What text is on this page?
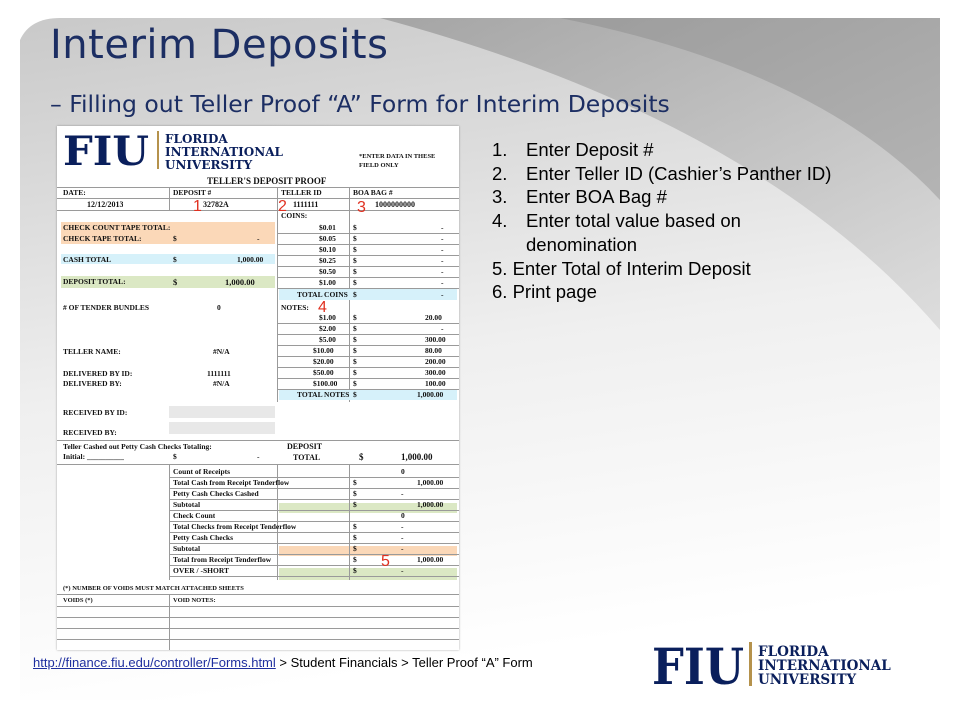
Interim Deposits
– Filling out Teller Proof “A” Form for Interim Deposits
FIU FLORIDA
INTERNATIONAL
UNIVERSITY
*ENTER DATA IN THESE FIELD ONLY
TELLER'S DEPOSIT PROOF
DATE:	DEPOSIT #	TELLER ID	BOA BAG #
12/12/2013	32782A	1111111	1000000000
CHECK COUNT TAPE TOTAL:
CHECK TAPE TOTAL:	$	-
CASH TOTAL	$	1,000.00
DEPOSIT TOTAL:	$	1,000.00
# OF TENDER BUNDLES	0
TELLER NAME:	#N/A
DELIVERED BY ID:	1111111
DELIVERED BY:	#N/A
RECEIVED BY ID:
RECEIVED BY:
COINS:
TOTAL COINS $	-
NOTES:
TOTAL NOTES $	1,000.00
Teller Cashed out Petty Cash Checks Totaling:
Initial: __________	$	-
DEPOSIT
TOTAL	$	1,000.00
(*) NUMBER OF VOIDS MUST MATCH ATTACHED SHEETS
VOIDS (*)	VOID NOTES:
$0.01 $	-
$0.05 $	-
$0.10 $	-
$0.25 $	-
$0.50 $	-
$1.00 $	-
$1.00 $	20.00
$2.00 $	-
$5.00 $	300.00
$10.00	$	80.00
$20.00	$	200.00
$50.00	$	300.00
$100.00 $	100.00
Count of Receipts	0
Total Cash from Receipt Tenderflow	$	1,000.00
Petty Cash Checks Cashed	$	-
Subtotal	$	1,000.00
Check Count	0
Total Checks from Receipt Tenderflow	$	-
Petty Cash Checks	$	-
Subtotal	$	-
Total from Receipt Tenderflow	$	1,000.00
OVER / -SHORT	$	-
1	2	3
4
5
1. Enter Deposit #
2. Enter Teller ID (Cashier’s Panther ID)
3. Enter BOA Bag #
4. Enter total value based on denomination
5. Enter Total of Interim Deposit
6. Print page
http://finance.fiu.edu/controller/Forms.html > Student Financials > Teller Proof “A” Form FIU FLORIDA
INTERNATIONAL
UNIVERSITY
